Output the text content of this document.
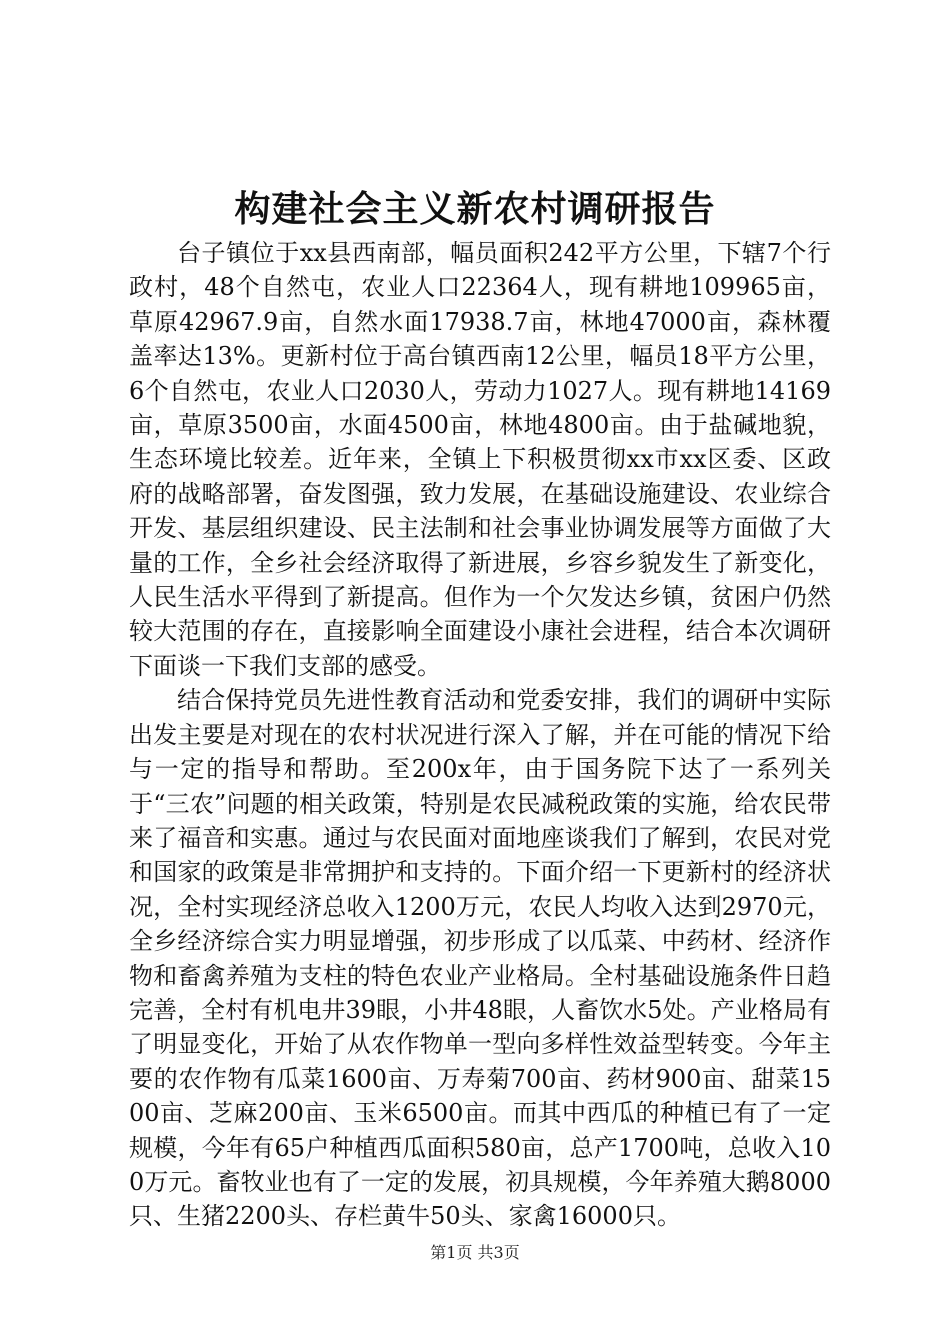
构建社会主义新农村调研报告

台子镇位于xx县西南部，幅员面积242平方公里，下辖7个行政村，48个自然屯，农业人口22364人，现有耕地109965亩，草原42967.9亩，自然水面17938.7亩，林地47000亩，森林覆盖率达13%。更新村位于高台镇西南12公里，幅员18平方公里，6个自然屯，农业人口2030人，劳动力1027人。现有耕地14169亩，草原3500亩，水面4500亩，林地4800亩。由于盐碱地貌，生态环境比较差。近年来，全镇上下积极贯彻xx市xx区委、区政府的战略部署，奋发图强，致力发展，在基础设施建设、农业综合开发、基层组织建设、民主法制和社会事业协调发展等方面做了大量的工作，全乡社会经济取得了新进展，乡容乡貌发生了新变化，人民生活水平得到了新提高。但作为一个欠发达乡镇，贫困户仍然较大范围的存在，直接影响全面建设小康社会进程，结合本次调研下面谈一下我们支部的感受。

结合保持党员先进性教育活动和党委安排，我们的调研中实际出发主要是对现在的农村状况进行深入了解，并在可能的情况下给与一定的指导和帮助。至200x年，由于国务院下达了一系列关于“三农”问题的相关政策，特别是农民减税政策的实施，给农民带来了福音和实惠。通过与农民面对面地座谈我们了解到，农民对党和国家的政策是非常拥护和支持的。下面介绍一下更新村的经济状况，全村实现经济总收入1200万元，农民人均收入达到2970元，全乡经济综合实力明显增强，初步形成了以瓜菜、中药材、经济作物和畜禽养殖为支柱的特色农业产业格局。全村基础设施条件日趋完善，全村有机电井39眼，小井48眼，人畜饮水5处。产业格局有了明显变化，开始了从农作物单一型向多样性效益型转变。今年主要的农作物有瓜菜1600亩、万寿菊700亩、药材900亩、甜菜1500亩、芝麻200亩、玉米6500亩。而其中西瓜的种植已有了一定规模，今年有65户种植西瓜面积580亩，总产1700吨，总收入100万元。畜牧业也有了一定的发展，初具规模，今年养殖大鹅8000只、生猪2200头、存栏黄牛50头、家禽16000只。

第1页 共3页
